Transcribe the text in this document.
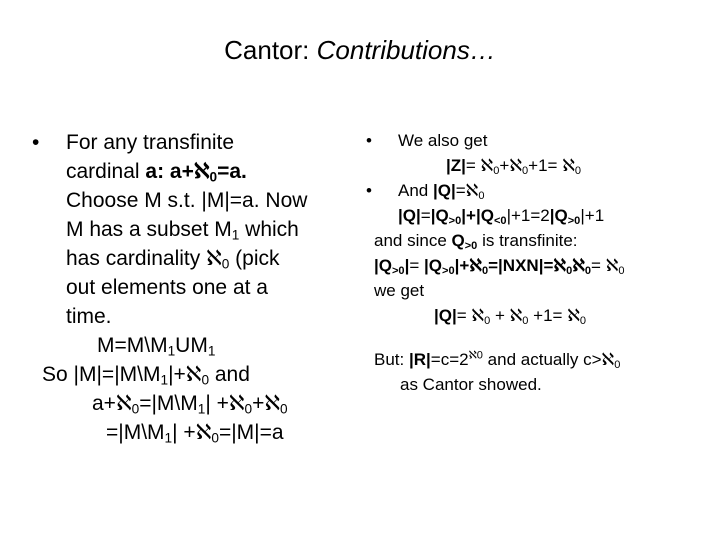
Cantor: Contributions…
• For any transfinite
cardinal a: a+ℵ$_0$=a.
Choose M s.t. |M|=a. Now
M has a subset $M_1$ which
has cardinality ℵ$_0$ (pick
out elements one at a
time.
$M=M\backslash M_1UM_1$
So $|M|=|M\backslash M_1|+ℵ_0$ and
$a+ℵ_0=|M\backslash M_1|$ +ℵ$_0$+ℵ$_0$
$=|M\backslash M_1|$ +ℵ$_0$=|M|=a
• We also get
|Z|= ℵ$_0$+ℵ$_0$+1= ℵ$_0$
• And |Q|=ℵ$_0$
$|Q|=|Q_{>0}|+|Q_{<0}|+1=2|Q_{>0}|+1$
and since $Q_{>0}$ is transfinite:
$|Q_{>0}|=$ $|Q_{>0}|+ℵ_0=|NXN|=ℵ_0ℵ_0=$ ℵ$_0$
we get
|Q|= ℵ$_0$ + ℵ$_0$ +1= ℵ$_0$
But: $|R|=c=2^{ℵ0}$ and actually c>ℵ$_0$
as Cantor showed.
